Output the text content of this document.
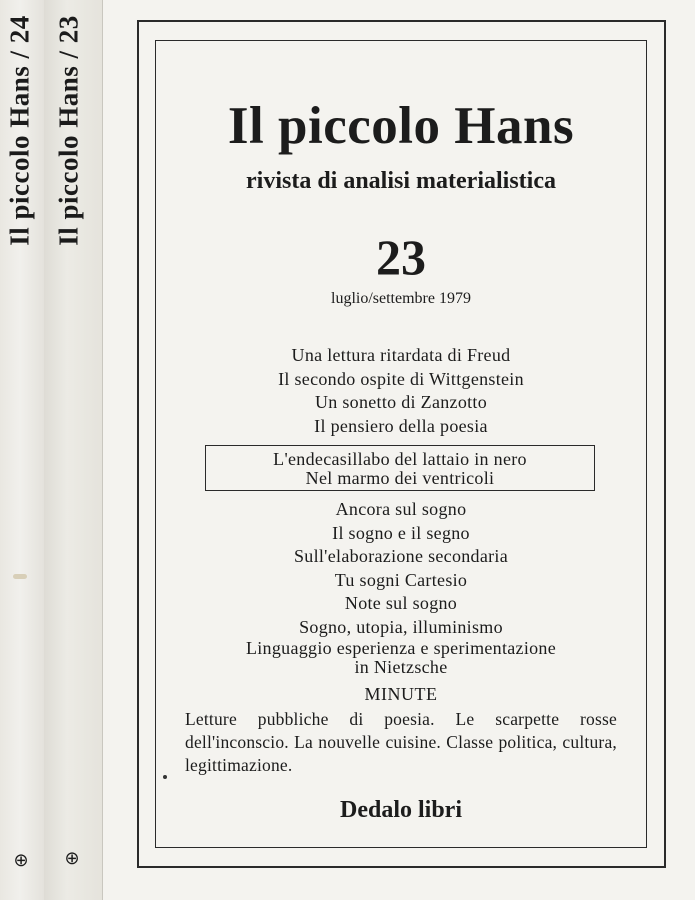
Il piccolo Hans / 24
⊕
Il piccolo Hans / 23
⊕
Il piccolo Hans
rivista di analisi materialistica
23
luglio/settembre 1979
Una lettura ritardata di Freud
Il secondo ospite di Wittgenstein
Un sonetto di Zanzotto
Il pensiero della poesia
L'endecasillabo del lattaio in nero
Nel marmo dei ventricoli
Ancora sul sogno
Il sogno e il segno
Sull'elaborazione secondaria
Tu sogni Cartesio
Note sul sogno
Sogno, utopia, illuminismo
Linguaggio esperienza e sperimentazione
in Nietzsche
MINUTE
Letture pubbliche di poesia. Le scarpette rosse dell'inconscio. La nouvelle cuisine. Classe politica, cultura, legittimazione.
Dedalo libri
